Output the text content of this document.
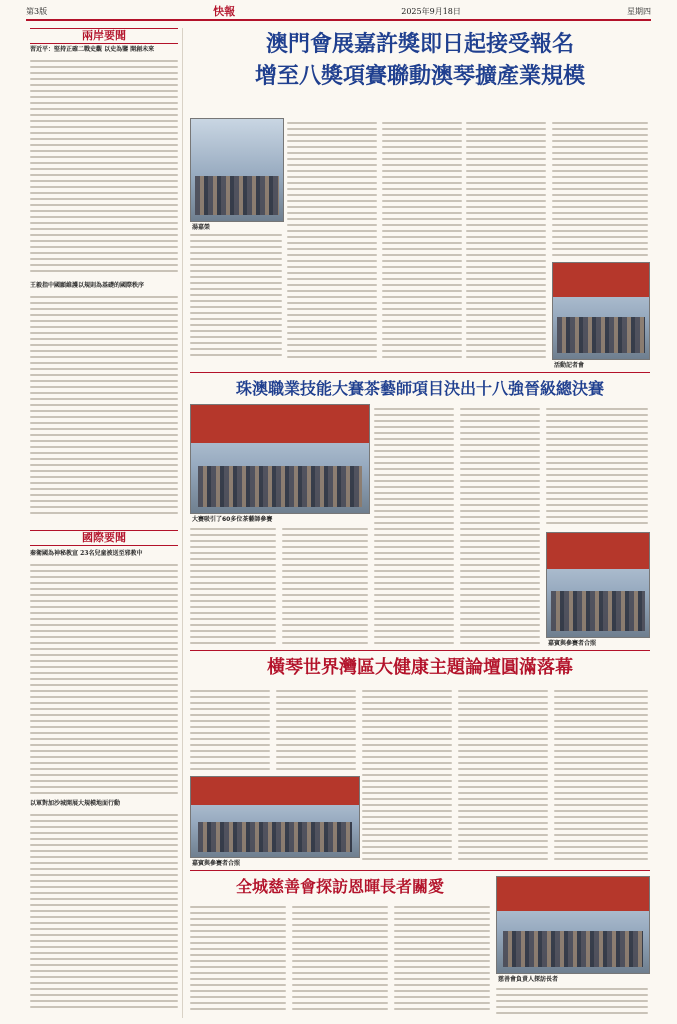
第3版	快報	2025年9月18日	星期四
兩岸要聞
習近平：堅持正確二戰史觀 以史為鑒 開創未來
王毅指中國願維護以規則為基礎的國際秩序
國際要聞
秦衛國為神秘教宣 23名兒童被送至邪教中
以軍對加沙城開展大規模地面行動
澳門會展嘉許獎即日起接受報名
增至八獎項賽聯動澳琴擴產業規模
湯嘉榮
活動記者會
珠澳職業技能大賽茶藝師項目決出十八強晉級總決賽
大賽吸引了60多位茶藝師參賽
嘉賓與參賽者合照
橫琴世界灣區大健康主題論壇圓滿落幕
嘉賓與參賽者合照
全城慈善會探訪恩暉長者關愛
慈善會負責人探訪長者
